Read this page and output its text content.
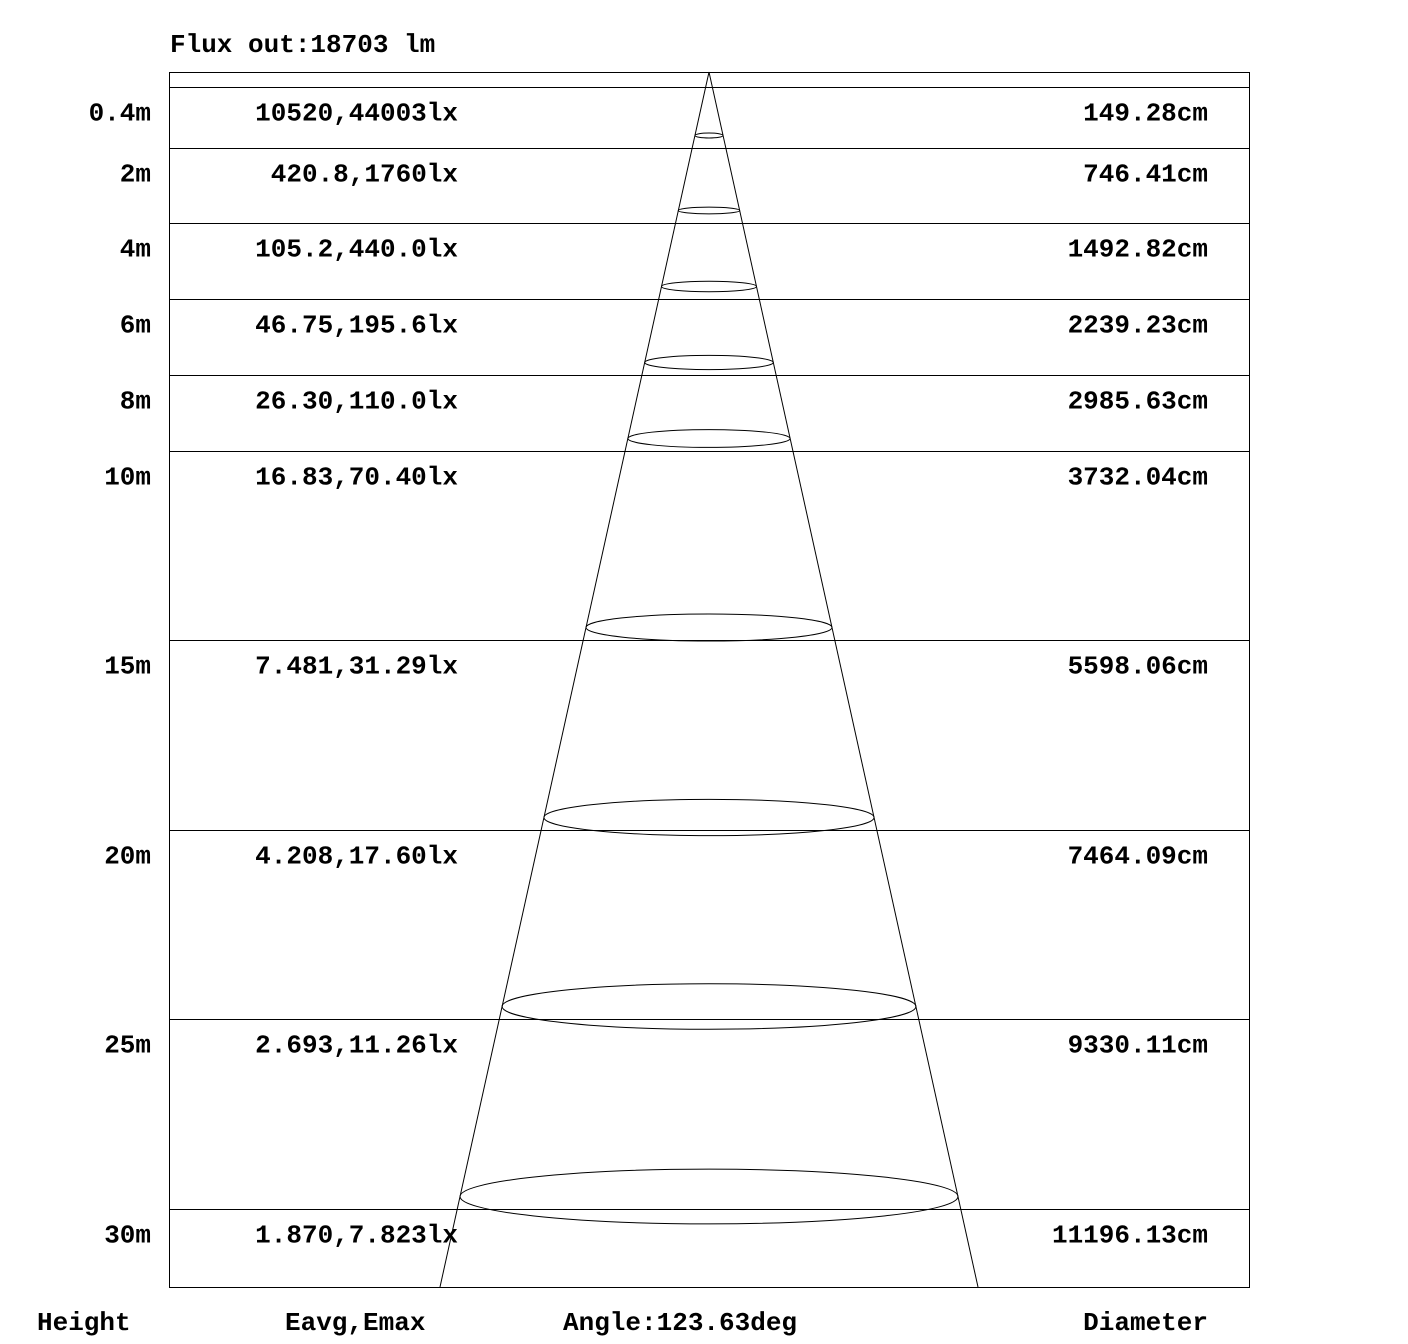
Flux out:18703 lm
0.4m	10520,44003lx	149.28cm
2m	420.8,1760lx	746.41cm
4m	105.2,440.0lx	1492.82cm
6m	46.75,195.6lx	2239.23cm
8m	26.30,110.0lx	2985.63cm
10m	16.83,70.40lx	3732.04cm
15m	7.481,31.29lx	5598.06cm
20m	4.208,17.60lx	7464.09cm
25m	2.693,11.26lx	9330.11cm
30m	1.870,7.823lx	11196.13cm
Height	Eavg,Emax	Angle:123.63deg	Diameter
